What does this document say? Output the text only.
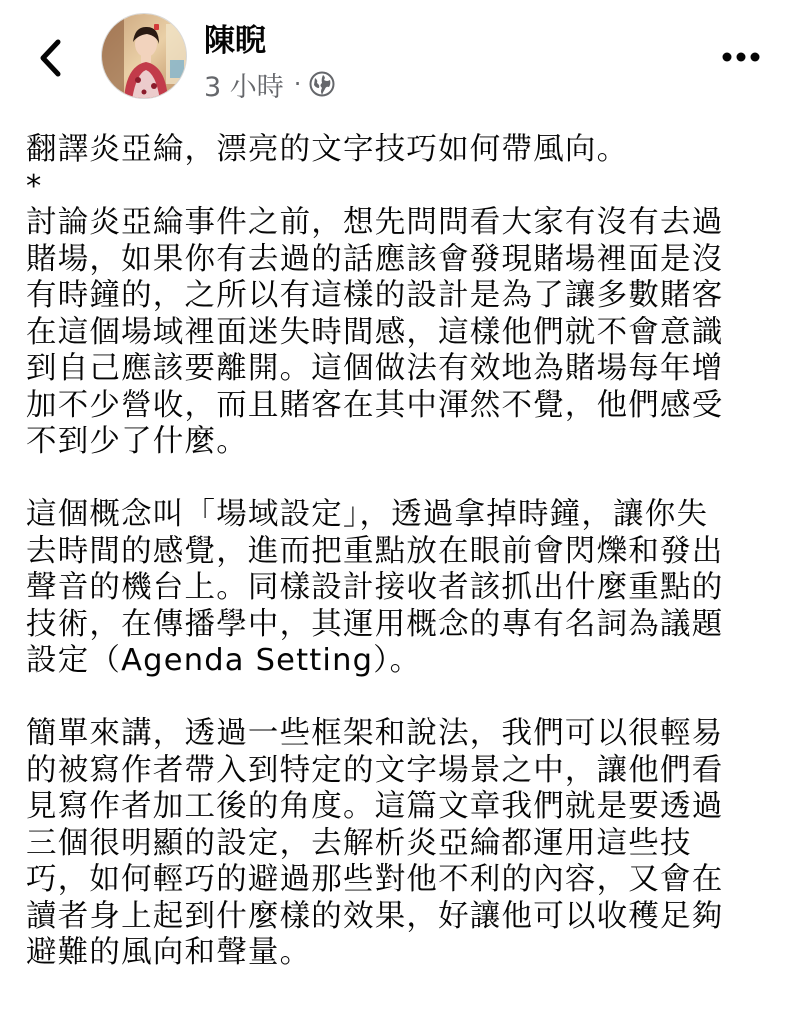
陳睨
3 小時 ·

翻譯炎亞綸，漂亮的文字技巧如何帶風向。

*

討論炎亞綸事件之前，想先問問看大家有沒有去過
賭場，如果你有去過的話應該會發現賭場裡面是沒
有時鐘的，之所以有這樣的設計是為了讓多數賭客
在這個場域裡面迷失時間感，這樣他們就不會意識
到自己應該要離開。這個做法有效地為賭場每年增
加不少營收，而且賭客在其中渾然不覺，他們感受
不到少了什麼。

這個概念叫「場域設定」，透過拿掉時鐘，讓你失
去時間的感覺，進而把重點放在眼前會閃爍和發出
聲音的機台上。同樣設計接收者該抓出什麼重點的
技術，在傳播學中，其運用概念的專有名詞為議題
設定（Agenda Setting）。

簡單來講，透過一些框架和說法，我們可以很輕易
的被寫作者帶入到特定的文字場景之中，讓他們看
見寫作者加工後的角度。這篇文章我們就是要透過
三個很明顯的設定，去解析炎亞綸都運用這些技
巧，如何輕巧的避過那些對他不利的內容，又會在
讀者身上起到什麼樣的效果，好讓他可以收穫足夠
避難的風向和聲量。
